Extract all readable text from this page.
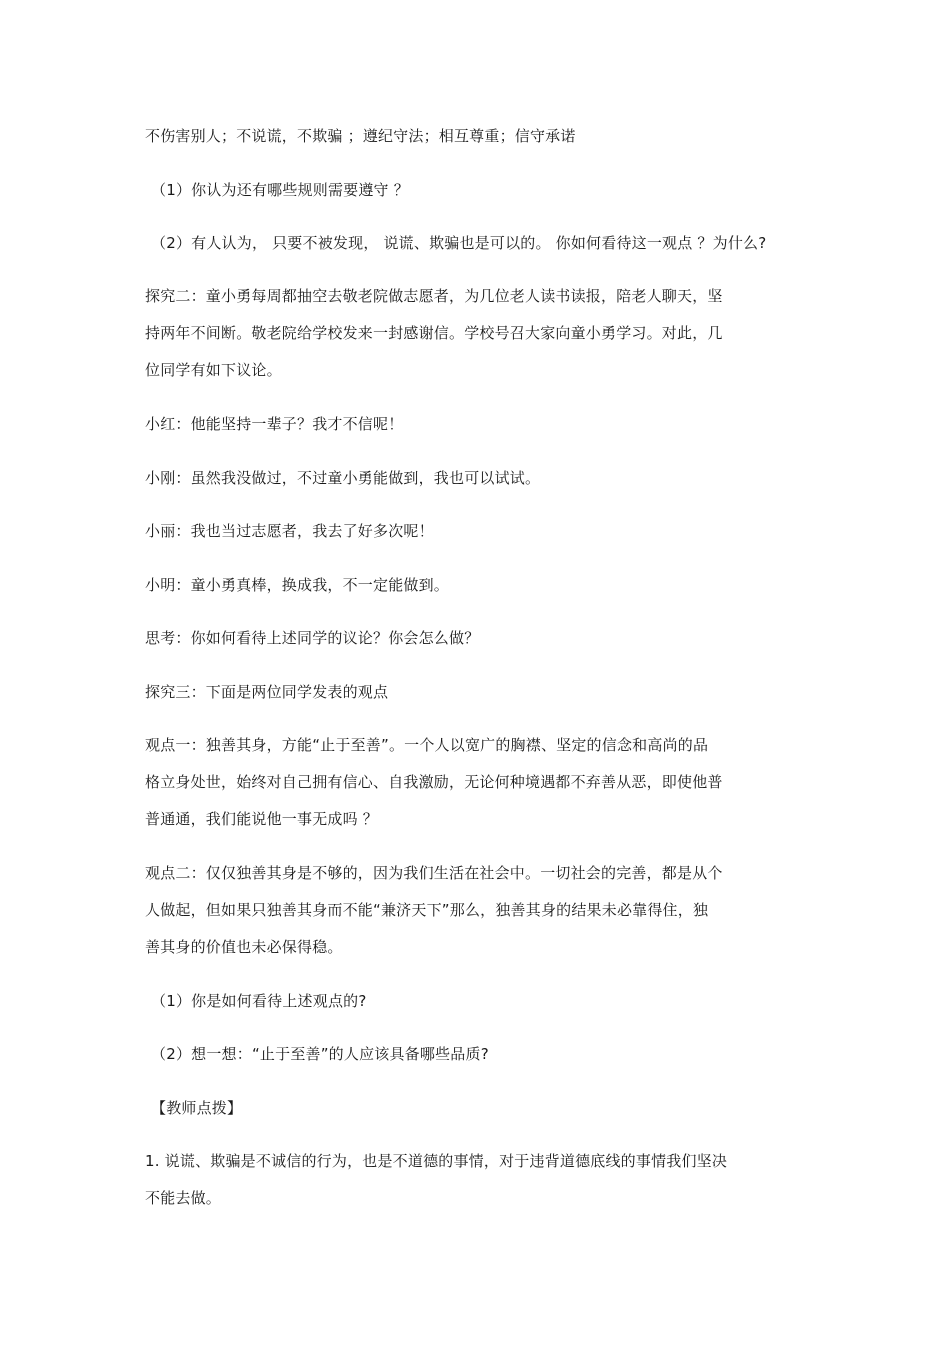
不伤害别人；不说谎，不欺骗 ；遵纪守法；相互尊重；信守承诺
（1）你认为还有哪些规则需要遵守 ？
（2）有人认为， 只要不被发现， 说谎、欺骗也是可以的。 你如何看待这一观点 ？为什么?
探究二：童小勇每周都抽空去敬老院做志愿者，为几位老人读书读报，陪老人聊天，坚
持两年不间断。敬老院给学校发来一封感谢信。学校号召大家向童小勇学习。对此，几
位同学有如下议论。
小红：他能坚持一辈子？我才不信呢！
小刚：虽然我没做过，不过童小勇能做到，我也可以试试。
小丽：我也当过志愿者，我去了好多次呢！
小明：童小勇真棒，换成我，不一定能做到。
思考：你如何看待上述同学的议论？你会怎么做？
探究三：下面是两位同学发表的观点
观点一：独善其身，方能“止于至善”。一个人以宽广的胸襟、坚定的信念和高尚的品
格立身处世，始终对自己拥有信心、自我激励，无论何种境遇都不弃善从恶，即使他普
普通通，我们能说他一事无成吗 ？
观点二：仅仅独善其身是不够的，因为我们生活在社会中。一切社会的完善，都是从个
人做起，但如果只独善其身而不能“兼济天下”那么，独善其身的结果未必靠得住，独
善其身的价值也未必保得稳。
（1）你是如何看待上述观点的?
（2）想一想：“止于至善”的人应该具备哪些品质?
【教师点拨】
1. 说谎、欺骗是不诚信的行为，也是不道德的事情，对于违背道德底线的事情我们坚决
不能去做。
